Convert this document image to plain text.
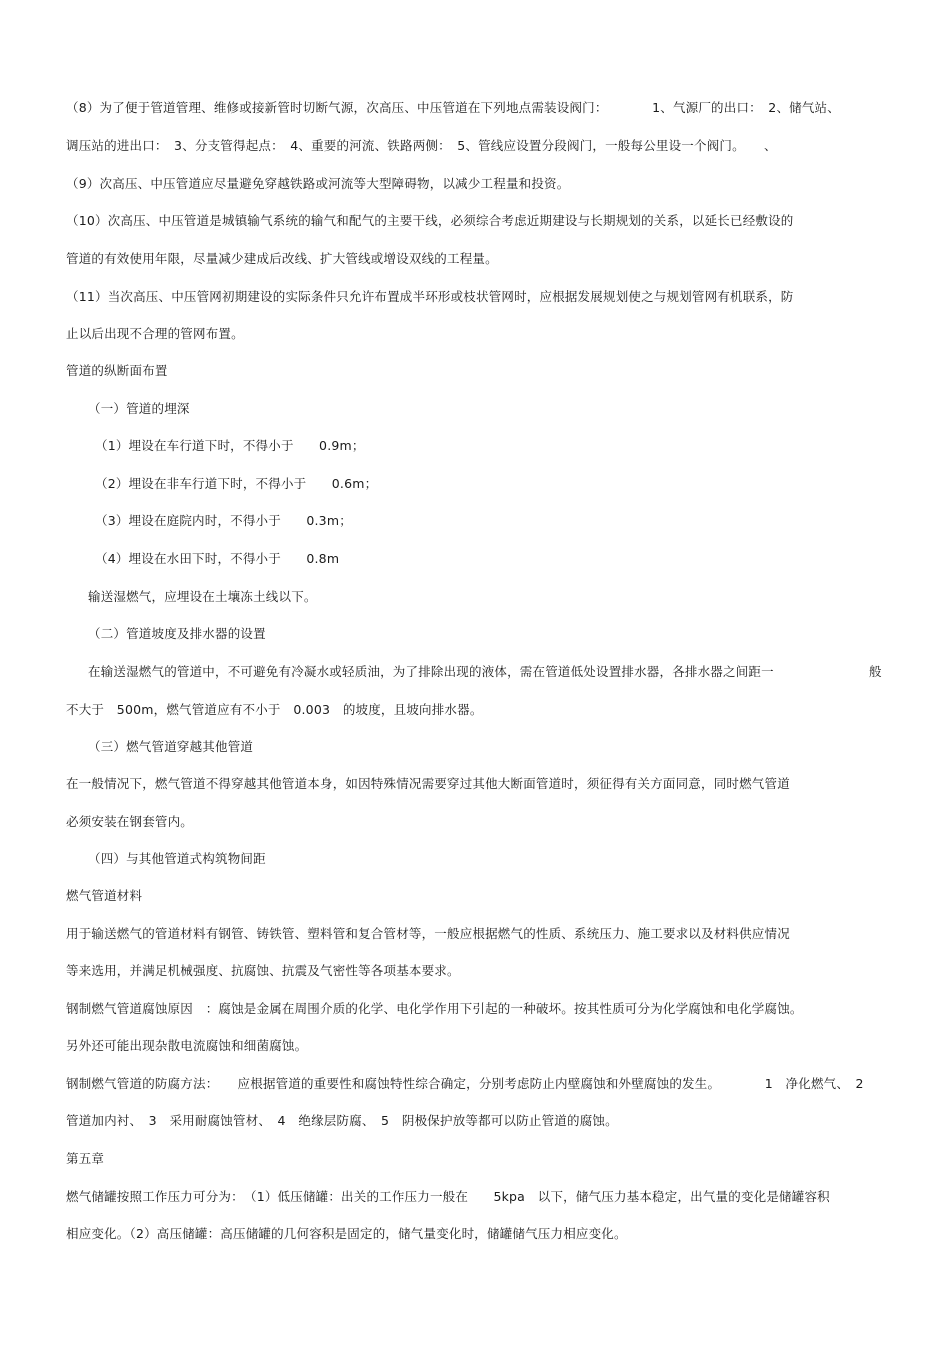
（8）为了便于管道管理、维修或接新管时切断气源，次高压、中压管道在下列地点需装设阀门：　　　　1、气源厂的出口：　2、储气站、
调压站的进出口：　3、分支管得起点：　4、重要的河流、铁路两侧：　5、管线应设置分段阀门，一般每公里设一个阀门。　　、
（9）次高压、中压管道应尽量避免穿越铁路或河流等大型障碍物，以减少工程量和投资。
（10）次高压、中压管道是城镇输气系统的输气和配气的主要干线，必须综合考虑近期建设与长期规划的关系，以延长已经敷设的
管道的有效使用年限，尽量减少建成后改线、扩大管线或增设双线的工程量。
（11）当次高压、中压管网初期建设的实际条件只允许布置成半环形或枝状管网时，应根据发展规划使之与规划管网有机联系，防
止以后出现不合理的管网布置。
管道的纵断面布置
（一）管道的埋深
（1）埋设在车行道下时，不得小于　　0.9m；
（2）埋设在非车行道下时，不得小于　　0.6m；
（3）埋设在庭院内时，不得小于　　0.3m；
（4）埋设在水田下时，不得小于　　0.8m
输送湿燃气，应埋设在土壤冻土线以下。
（二）管道坡度及排水器的设置
在输送湿燃气的管道中，不可避免有冷凝水或轻质油，为了排除出现的液体，需在管道低处设置排水器，各排水器之间距一	般
不大于　500m，燃气管道应有不小于　0.003　的坡度，且坡向排水器。
（三）燃气管道穿越其他管道
在一般情况下，燃气管道不得穿越其他管道本身，如因特殊情况需要穿过其他大断面管道时，须征得有关方面同意，同时燃气管道
必须安装在钢套管内。
（四）与其他管道式构筑物间距
燃气管道材料
用于输送燃气的管道材料有钢管、铸铁管、塑料管和复合管材等，一般应根据燃气的性质、系统压力、施工要求以及材料供应情况
等来选用，并满足机械强度、抗腐蚀、抗震及气密性等各项基本要求。
钢制燃气管道腐蚀原因　：腐蚀是金属在周围介质的化学、电化学作用下引起的一种破坏。按其性质可分为化学腐蚀和电化学腐蚀。
另外还可能出现杂散电流腐蚀和细菌腐蚀。
钢制燃气管道的防腐方法：　　应根据管道的重要性和腐蚀特性综合确定，分别考虑防止内壁腐蚀和外壁腐蚀的发生。　　　　1　净化燃气、　2
管道加内衬、　3　采用耐腐蚀管材、　4　绝缘层防腐、　5　阴极保护放等都可以防止管道的腐蚀。
第五章
燃气储罐按照工作压力可分为：　（1）低压储罐：出关的工作压力一般在　　5kpa　以下，储气压力基本稳定，出气量的变化是储罐容积
相应变化。（2）高压储罐：高压储罐的几何容积是固定的，储气量变化时，储罐储气压力相应变化。
